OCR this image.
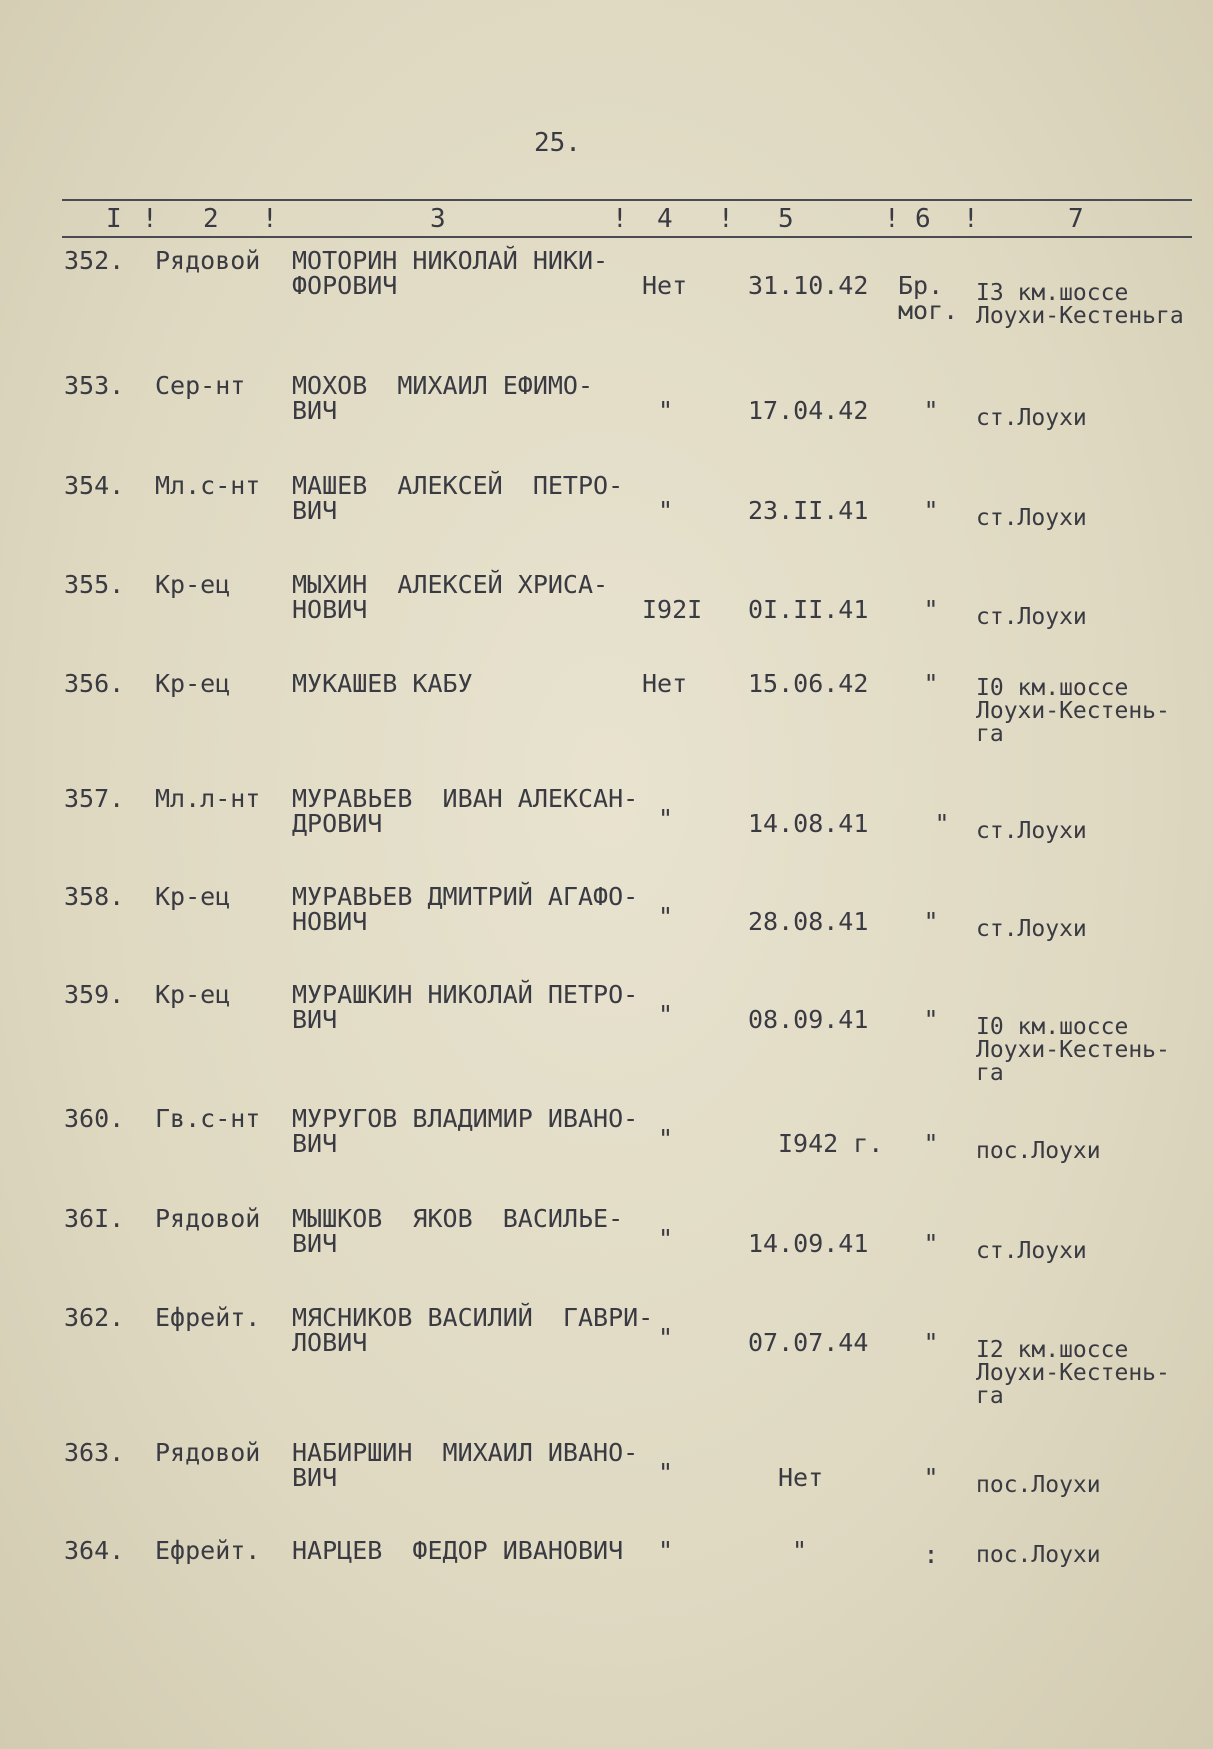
25.
I ! 2 !	3	! 4 ! 5	! 6 !	7
352. Рядовой МОТОРИН НИКОЛАЙ НИКИ-
ФОРОВИЧ	Нет 31.10.42 Бр.
мог.
I3 км.шоссе
Лоухи-Кестеньга
353. Сер-нт МОХОВ  МИХАИЛ ЕФИМО-
ВИЧ	"	17.04.42 " ст.Лоухи
354. Мл.с-нт МАШЕВ  АЛЕКСЕЙ  ПЕТРО-
ВИЧ	"	23.II.41 " ст.Лоухи
355. Кр-ец МЫХИН  АЛЕКСЕЙ ХРИСА-
НОВИЧ	I92I 0I.II.41 " ст.Лоухи
356. Кр-ец МУКАШЕВ КАБУ	Нет 15.06.42 " I0 км.шоссе
Лоухи-Кестень-
га
357. Мл.л-нт МУРАВЬЕВ  ИВАН АЛЕКСАН-
ДРОВИЧ	"	14.08.41	" ст.Лоухи
358. Кр-ец МУРАВЬЕВ ДМИТРИЙ АГАФО-
НОВИЧ	"	28.08.41 " ст.Лоухи
359. Кр-ец МУРАШКИН НИКОЛАЙ ПЕТРО-
ВИЧ	"	08.09.41 " I0 км.шоссе
Лоухи-Кестень-
га
360. Гв.с-нт МУРУГОВ ВЛАДИМИР ИВАНО-
ВИЧ	"	I942 г. " пос.Лоухи
36I. Рядовой МЫШКОВ  ЯКОВ  ВАСИЛЬЕ-
ВИЧ	"	14.09.41 " ст.Лоухи
362. Ефрейт. МЯСНИКОВ ВАСИЛИЙ  ГАВРИ-
ЛОВИЧ	"	07.07.44 " I2 км.шоссе
Лоухи-Кестень-
га
363. Рядовой НАБИРШИН  МИХАИЛ ИВАНО-
ВИЧ	"	Нет	" пос.Лоухи
364. Ефрейт. НАРЦЕВ  ФЕДОР ИВАНОВИЧ "	"	: пос.Лоухи
